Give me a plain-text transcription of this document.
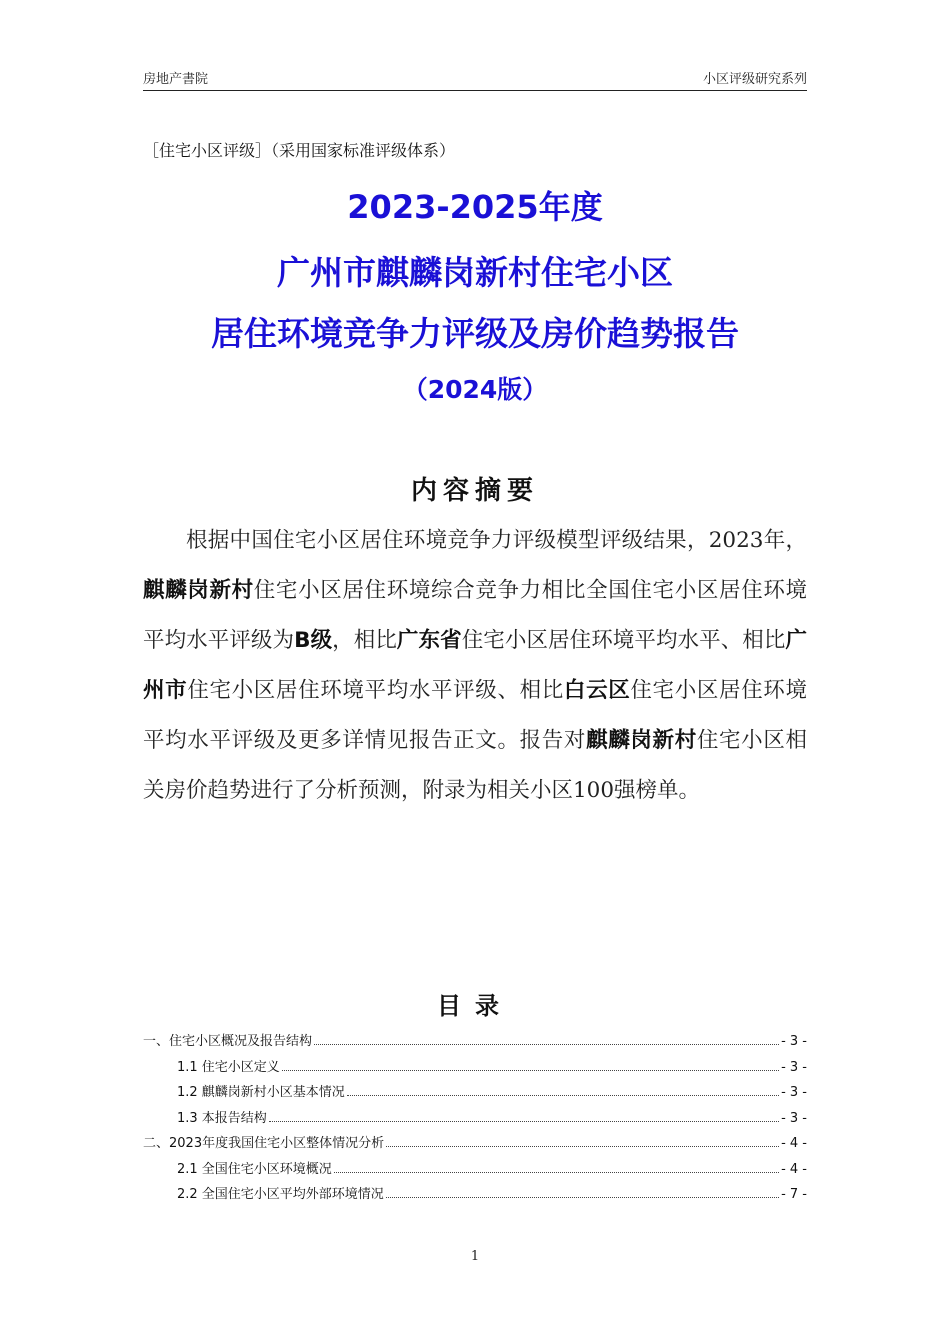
房地产書院	小区评级研究系列
［住宅小区评级］（采用国家标准评级体系）
2023-2025年度
广州市麒麟岗新村住宅小区
居住环境竞争力评级及房价趋势报告
（2024版）
内容摘要

根据中国住宅小区居住环境竞争力评级模型评级结果，2023年，麒麟岗新村住宅小区居住环境综合竞争力相比全国住宅小区居住环境平均水平评级为B级，相比广东省住宅小区居住环境平均水平、相比广州市住宅小区居住环境平均水平评级、相比白云区住宅小区居住环境平均水平评级及更多详情见报告正文。报告对麒麟岗新村住宅小区相关房价趋势进行了分析预测，附录为相关小区100强榜单。

目录
一、住宅小区概况及报告结构	- 3 -
1.1 住宅小区定义	- 3 -
1.2 麒麟岗新村小区基本情况	- 3 -
1.3 本报告结构	- 3 -
二、2023年度我国住宅小区整体情况分析	- 4 -
2.1 全国住宅小区环境概况	- 4 -
2.2 全国住宅小区平均外部环境情况	- 7 -
1
